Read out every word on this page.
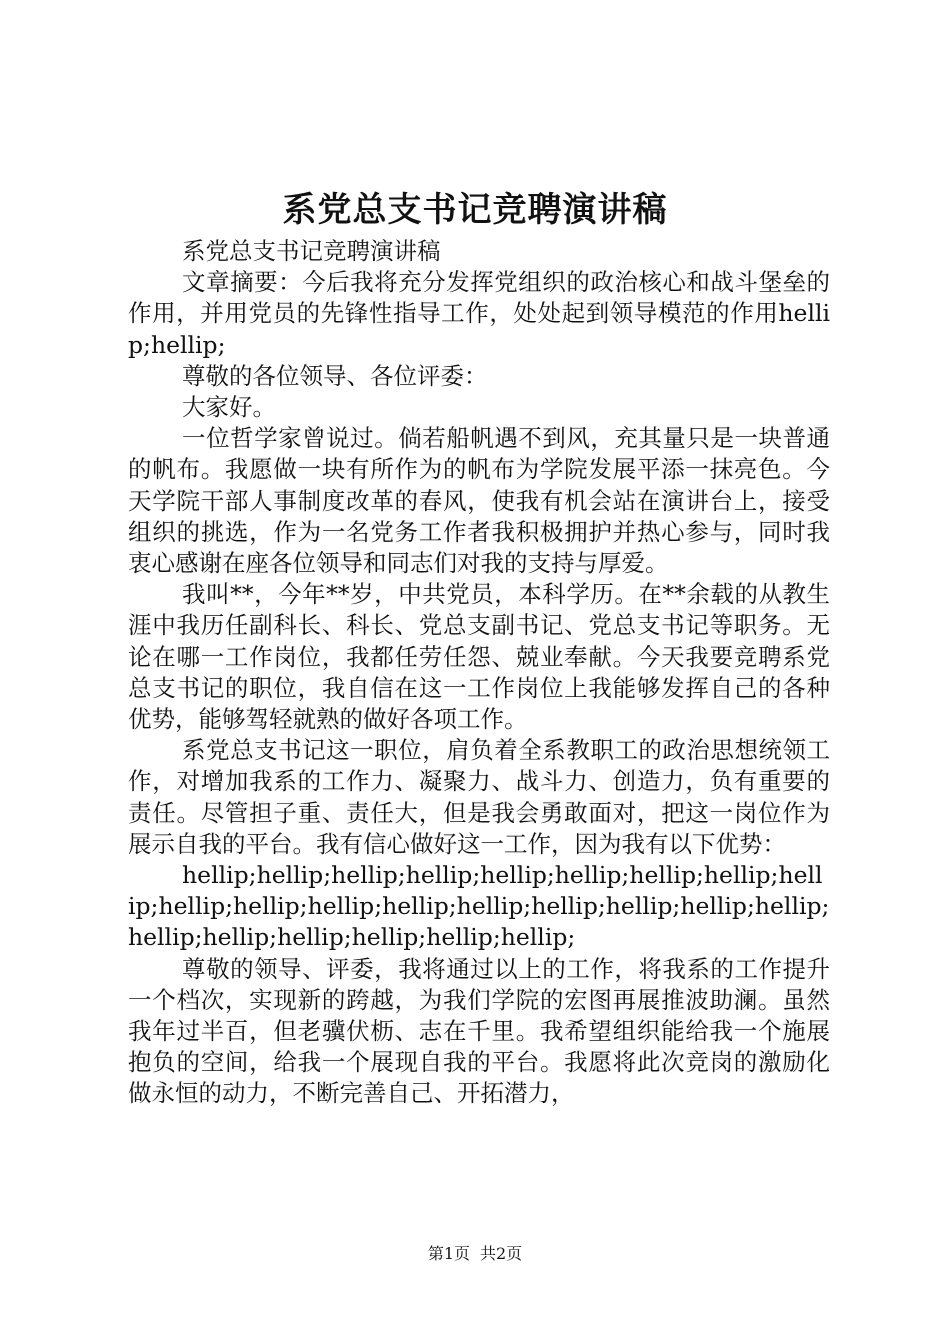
系党总支书记竞聘演讲稿

系党总支书记竞聘演讲稿

文章摘要：今后我将充分发挥党组织的政治核心和战斗堡垒的作用，并用党员的先锋性指导工作，处处起到领导模范的作用hellip;hellip;

尊敬的各位领导、各位评委：

大家好。

一位哲学家曾说过。倘若船帆遇不到风，充其量只是一块普通的帆布。我愿做一块有所作为的帆布为学院发展平添一抹亮色。今天学院干部人事制度改革的春风，使我有机会站在演讲台上，接受组织的挑选，作为一名党务工作者我积极拥护并热心参与，同时我衷心感谢在座各位领导和同志们对我的支持与厚爱。

我叫**，今年**岁，中共党员，本科学历。在**余载的从教生涯中我历任副科长、科长、党总支副书记、党总支书记等职务。无论在哪一工作岗位，我都任劳任怨、兢业奉献。今天我要竞聘系党总支书记的职位，我自信在这一工作岗位上我能够发挥自己的各种优势，能够驾轻就熟的做好各项工作。

系党总支书记这一职位，肩负着全系教职工的政治思想统领工作，对增加我系的工作力、凝聚力、战斗力、创造力，负有重要的责任。尽管担子重、责任大，但是我会勇敢面对，把这一岗位作为展示自我的平台。我有信心做好这一工作，因为我有以下优势：

hellip;hellip;hellip;hellip;hellip;hellip;hellip;hellip;hellip;hellip;hellip;hellip;hellip;hellip;hellip;hellip;hellip;hellip;hellip;hellip;hellip;hellip;hellip;hellip;

尊敬的领导、评委，我将通过以上的工作，将我系的工作提升一个档次，实现新的跨越，为我们学院的宏图再展推波助澜。虽然我年过半百，但老骥伏枥、志在千里。我希望组织能给我一个施展抱负的空间，给我一个展现自我的平台。我愿将此次竞岗的激励化做永恒的动力，不断完善自己、开拓潜力，

第1页 共2页
